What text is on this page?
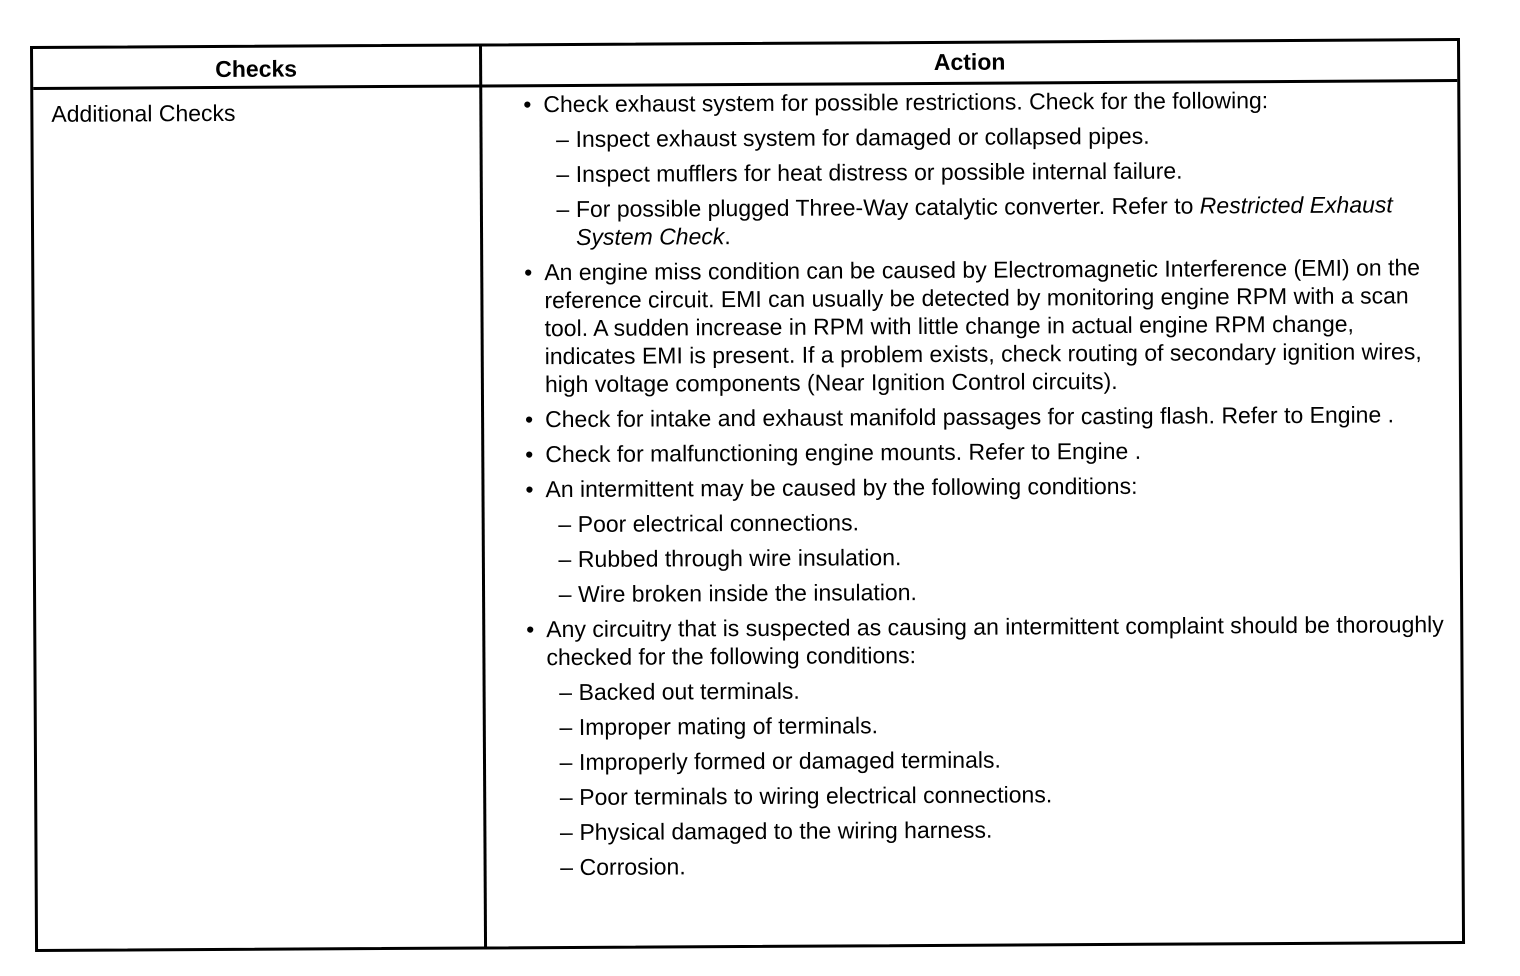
Checks	Action
Additional Checks	• Check exhaust system for possible restrictions. Check for the following:
– Inspect exhaust system for damaged or collapsed pipes.
– Inspect mufflers for heat distress or possible internal failure.
– For possible plugged Three-Way catalytic converter. Refer to Restricted Exhaust System Check.
• An engine miss condition can be caused by Electromagnetic Interference (EMI) on the reference circuit. EMI can usually be detected by monitoring engine RPM with a scan tool. A sudden increase in RPM with little change in actual engine RPM change, indicates EMI is present. If a problem exists, check routing of secondary ignition wires, high voltage components (Near Ignition Control circuits).
• Check for intake and exhaust manifold passages for casting flash. Refer to Engine .
• Check for malfunctioning engine mounts. Refer to Engine .
• An intermittent may be caused by the following conditions:
– Poor electrical connections.
– Rubbed through wire insulation.
– Wire broken inside the insulation.
• Any circuitry that is suspected as causing an intermittent complaint should be thoroughly checked for the following conditions:
– Backed out terminals.
– Improper mating of terminals.
– Improperly formed or damaged terminals.
– Poor terminals to wiring electrical connections.
– Physical damaged to the wiring harness.
– Corrosion.
